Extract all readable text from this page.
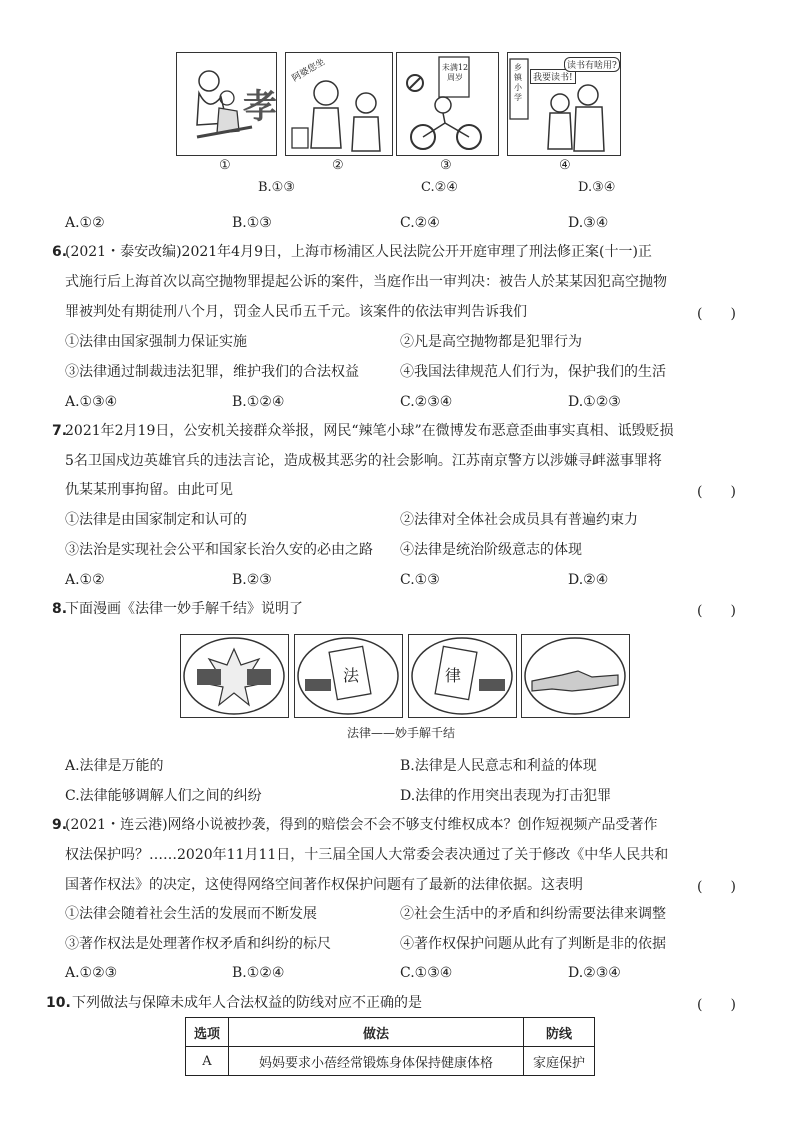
孝
阿婆您坐	未满12周岁
乡镇小学
我要读书!
读书有啥用?
①	②	③	④
B.①③	C.②④	D.③④
A.①②	B.①③	C.②④	D.③④
6.
(2021・泰安改编)2021年4月9日，上海市杨浦区人民法院公开开庭审理了刑法修正案(十一)正
式施行后上海首次以高空抛物罪提起公诉的案件，当庭作出一审判决：被告人於某某因犯高空抛物
罪被判处有期徒刑八个月，罚金人民币五千元。该案件的依法审判告诉我们	(　　)
①法律由国家强制力保证实施	②凡是高空抛物都是犯罪行为
③法律通过制裁违法犯罪，维护我们的合法权益	④我国法律规范人们行为，保护我们的生活
A.①③④	B.①②④	C.②③④	D.①②③
7.
2021年2月19日，公安机关接群众举报，网民“辣笔小球”在微博发布恶意歪曲事实真相、诋毁贬损
5名卫国戍边英雄官兵的违法言论，造成极其恶劣的社会影响。江苏南京警方以涉嫌寻衅滋事罪将
仇某某刑事拘留。由此可见	(　　)
①法律是由国家制定和认可的	②法律对全体社会成员具有普遍约束力
③法治是实现社会公平和国家长治久安的必由之路 ④法律是统治阶级意志的体现
A.①②	B.②③	C.①③	D.②④
8.
下面漫画《法律一妙手解千结》说明了	(　　)
法	律
法律——妙手解千结
A.法律是万能的	B.法律是人民意志和利益的体现
C.法律能够调解人们之间的纠纷	D.法律的作用突出表现为打击犯罪
9.
(2021・连云港)网络小说被抄袭，得到的赔偿会不会不够支付维权成本？创作短视频产品受著作
权法保护吗？……2020年11月11日，十三届全国人大常委会表决通过了关于修改《中华人民共和
国著作权法》的决定，这使得网络空间著作权保护问题有了最新的法律依据。这表明	(　　)
①法律会随着社会生活的发展而不断发展	②社会生活中的矛盾和纠纷需要法律来调整
③著作权法是处理著作权矛盾和纠纷的标尺	④著作权保护问题从此有了判断是非的依据
A.①②③	B.①②④	C.①③④	D.②③④
10. 下列做法与保障未成年人合法权益的防线对应不正确的是	(　　)
选项	做法	防线
A	妈妈要求小蓓经常锻炼身体保持健康体格	家庭保护
